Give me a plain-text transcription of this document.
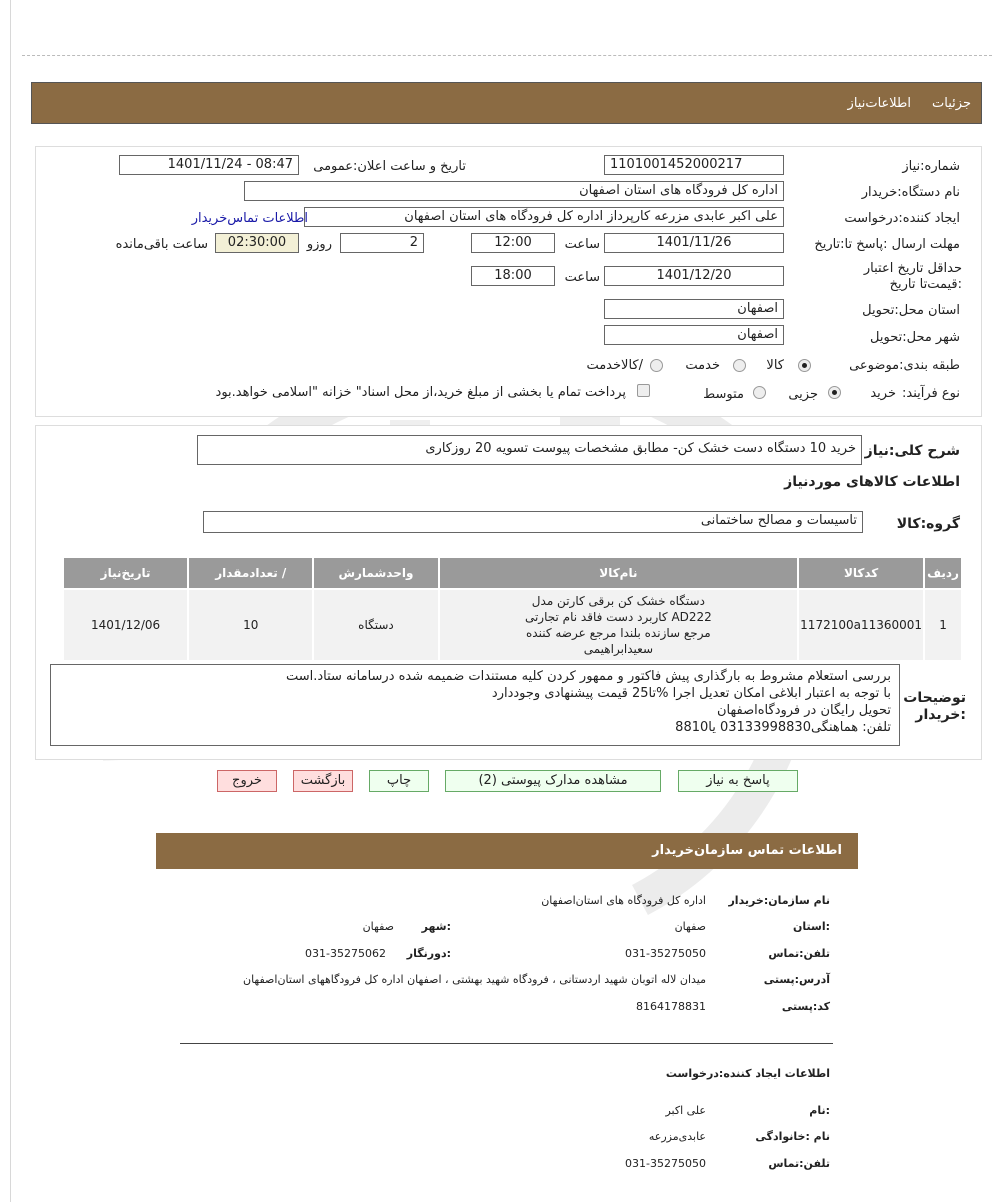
جزئیات
اطلاعات‌نیاز
شماره:نیاز
1101001452000217
تاریخ و ساعت اعلان:عمومی
1401/11/24 - 08:47
نام دستگاه:خریدار
اداره کل فرودگاه های استان اصفهان
ایجاد کننده:درخواست
علی اکبر عابدی مزرعه کارپرداز اداره کل فرودگاه های استان اصفهان
اطلاعات تماس‌خریدار
مهلت ارسال :پاسخ تا:تاریخ
1401/11/26
ساعت
12:00
2
روزو
02:30:00
ساعت باقی‌مانده
حداقل تاریخ اعتبار :قیمت‌تا تاریخ
1401/12/20
ساعت
18:00
استان محل:تحویل
اصفهان
شهر محل:تحویل
اصفهان
طبقه بندی:موضوعی
کالا
خدمت
/کالاخدمت
نوع فرآیند:
خرید
جزیی
متوسط
پرداخت تمام یا بخشی از مبلغ خرید،از محل اسناد" خزانه "اسلامی خواهد.بود
شرح کلی:نیاز
خرید 10 دستگاه دست خشک کن- مطابق مشخصات پیوست تسویه 20 روزکاری
اطلاعات کالاهای موردنیاز
گروه:کالا
تاسیسات و مصالح ساختمانی
ردیف	کدکالا	نام‌کالا	واحدشمارش	/ تعدادمقدار	تاریخ‌نیاز
1	1172100a11360001	دستگاه خشک کن برقی کارتن مدل
AD222 کاربرد دست فاقد نام تجارتی
مرجع سازنده بلندا مرجع عرضه کننده
سعیدابراهیمی	دستگاه	10	1401/12/06
توضیحات
:خریدار
بررسی استعلام مشروط به بارگذاری پیش فاکتور و ممهور کردن کلیه مستندات ضمیمه شده درسامانه ستاد.است
با توجه به اعتبار ابلاغی امکان تعدیل اجرا %تا25 قیمت پیشنهادی وجوددارد
تحویل رایگان در فرودگاه‌اصفهان
تلفن: هماهنگی03133998830 یا8810
پاسخ به نیاز
مشاهده مدارک پیوستی (2)
چاپ
بازگشت
خروج
اطلاعات تماس سازمان‌خریدار
نام سازمان:خریدار
اداره کل فرودگاه های استان‌اصفهان
:استان
صفهان
:شهر
صفهان
تلفن:تماس
031-35275050
:دورنگار
031-35275062
آدرس:پستی
میدان لاله اتوبان شهید اردستانی ، فرودگاه شهید بهشتی ، اصفهان اداره کل فرودگاههای استان‌اصفهان
کد:پستی
8164178831
اطلاعات ایجاد کننده:درخواست
:نام
علی اکبر
نام :خانوادگی
عابدی‌مزرعه
تلفن:تماس
031-35275050
